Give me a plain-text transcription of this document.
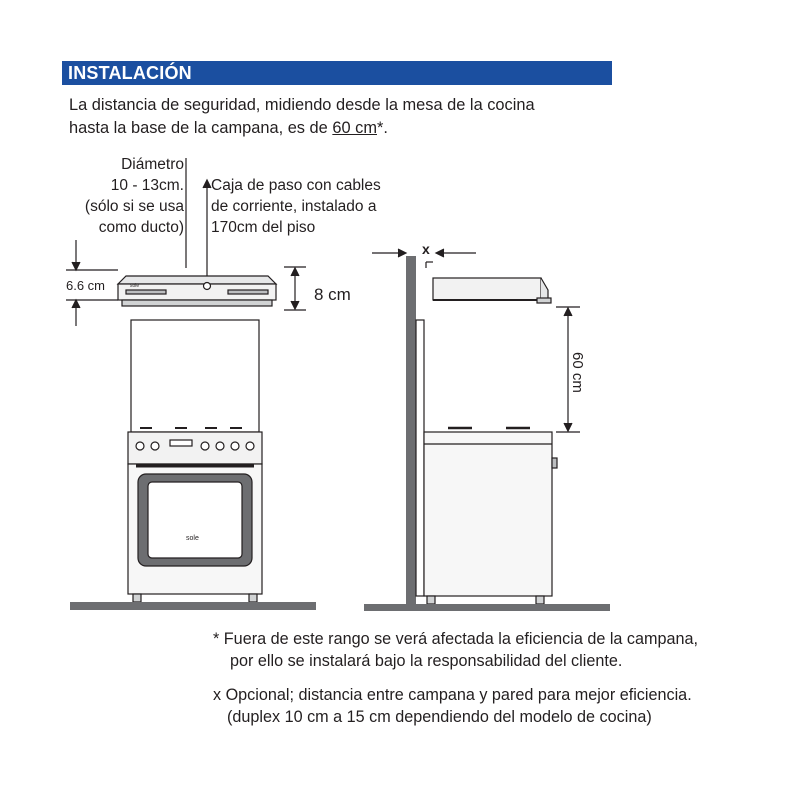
INSTALACIÓN
La distancia de seguridad, midiendo desde la mesa de la cocina
hasta la base de la campana, es de 60 cm*.
Diámetro
10 - 13cm.
(sólo si se usa
como ducto)
Caja de paso con cables
de corriente, instalado a
170cm del piso
6.6 cm	8 cm
sole
sole
x
60 cm
* Fuera de este rango se verá afectada la eficiencia de la campana,
por ello se instalará bajo la responsabilidad del cliente.
x Opcional; distancia entre campana y pared para mejor eficiencia.
(duplex 10 cm a 15 cm dependiendo del modelo de cocina)
